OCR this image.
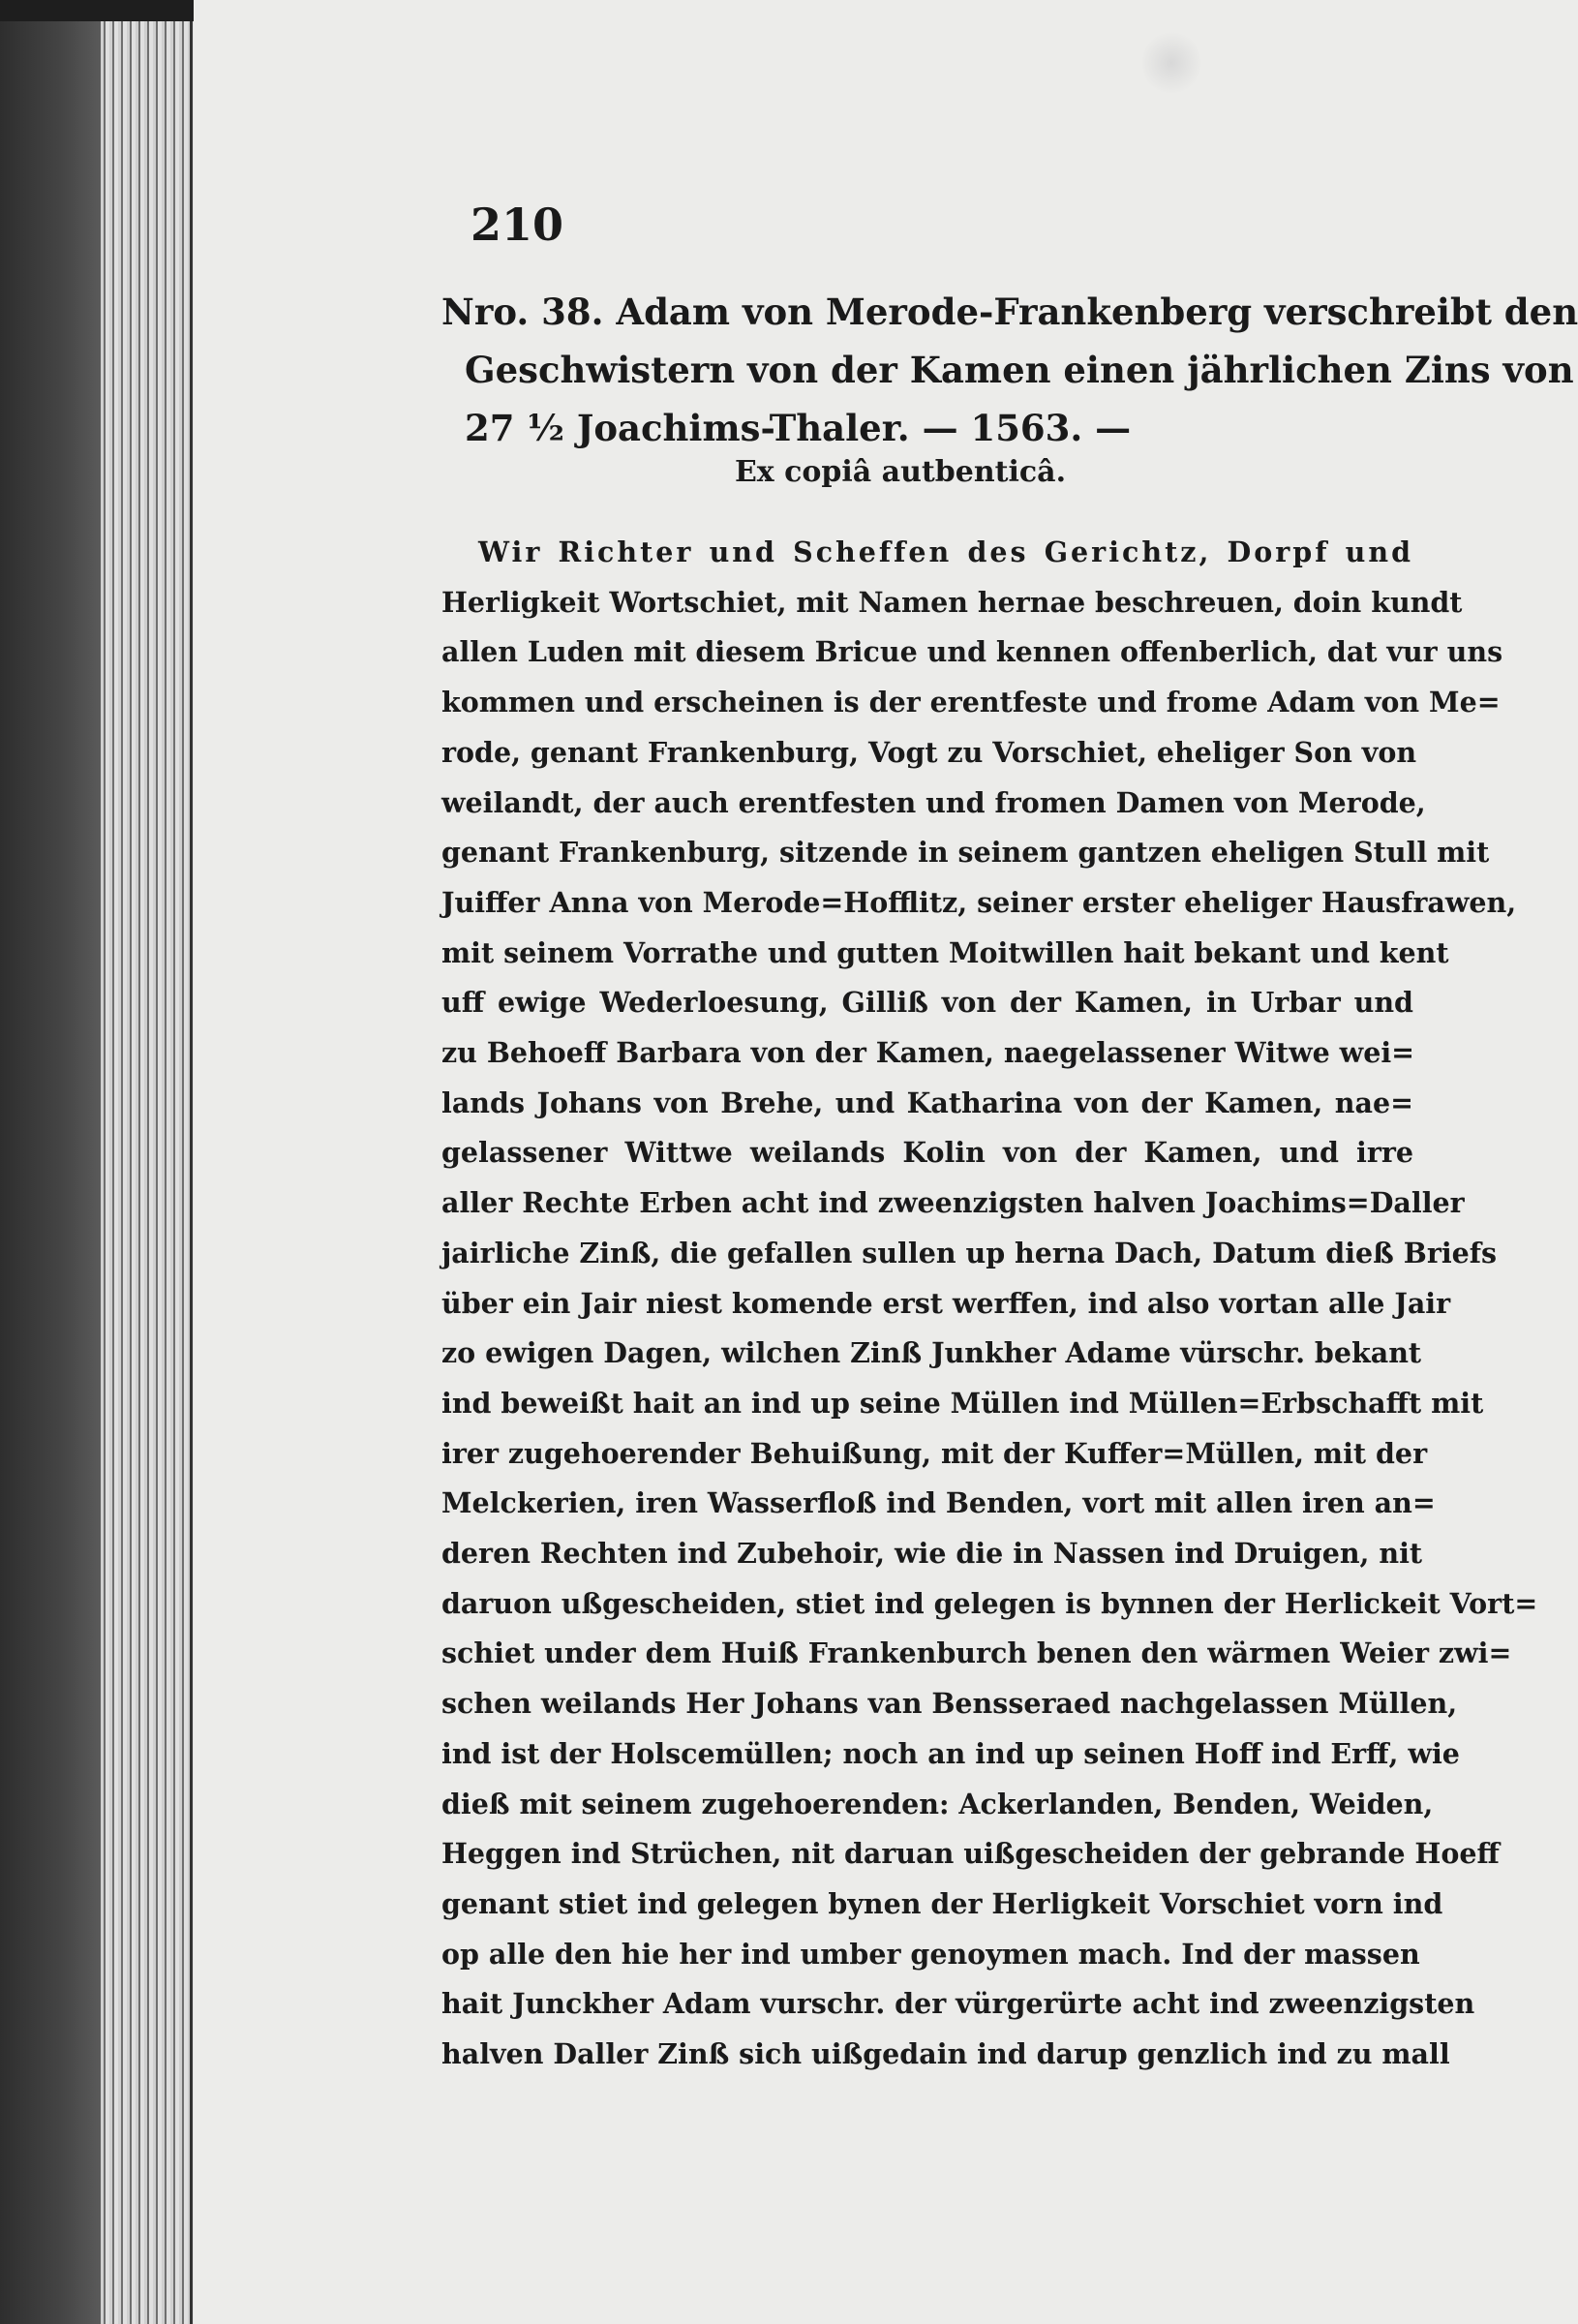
210
Nro. 38. Adam von Merode-Frankenberg verschreibt den
Geschwistern von der Kamen einen jährlichen Zins von
27 ½ Joachims-Thaler. — 1563. —
Ex copiâ autbenticâ.
Wir Richter und Scheffen des Gerichtz, Dorpf und
Herligkeit Wortschiet, mit Namen hernae beschreuen, doin kundt
allen Luden mit diesem Bricue und kennen offenberlich, dat vur uns
kommen und erscheinen is der erentfeste und frome Adam von Me=
rode, genant Frankenburg, Vogt zu Vorschiet, eheliger Son von
weilandt, der auch erentfesten und fromen Damen von Merode,
genant Frankenburg, sitzende in seinem gantzen eheligen Stull mit
Juiffer Anna von Merode=Hofflitz, seiner erster eheliger Hausfrawen,
mit seinem Vorrathe und gutten Moitwillen hait bekant und kent
uff ewige Wederloesung, Gilliß von der Kamen, in Urbar und
zu Behoeff Barbara von der Kamen, naegelassener Witwe wei=
lands Johans von Brehe, und Katharina von der Kamen, nae=
gelassener Wittwe weilands Kolin von der Kamen, und irre
aller Rechte Erben acht ind zweenzigsten halven Joachims=Daller
jairliche Zinß, die gefallen sullen up herna Dach, Datum dieß Briefs
über ein Jair niest komende erst werffen, ind also vortan alle Jair
zo ewigen Dagen, wilchen Zinß Junkher Adame vürschr. bekant
ind beweißt hait an ind up seine Müllen ind Müllen=Erbschafft mit
irer zugehoerender Behuißung, mit der Kuffer=Müllen, mit der
Melckerien, iren Wasserfloß ind Benden, vort mit allen iren an=
deren Rechten ind Zubehoir, wie die in Nassen ind Druigen, nit
daruon ußgescheiden, stiet ind gelegen is bynnen der Herlickeit Vort=
schiet under dem Huiß Frankenburch benen den wärmen Weier zwi=
schen weilands Her Johans van Bensseraed nachgelassen Müllen,
ind ist der Holscemüllen; noch an ind up seinen Hoff ind Erff, wie
dieß mit seinem zugehoerenden: Ackerlanden, Benden, Weiden,
Heggen ind Strüchen, nit daruan uißgescheiden der gebrande Hoeff
genant stiet ind gelegen bynen der Herligkeit Vorschiet vorn ind
op alle den hie her ind umber genoymen mach. Ind der massen
hait Junckher Adam vurschr. der vürgerürte acht ind zweenzigsten
halven Daller Zinß sich uißgedain ind darup genzlich ind zu mall
